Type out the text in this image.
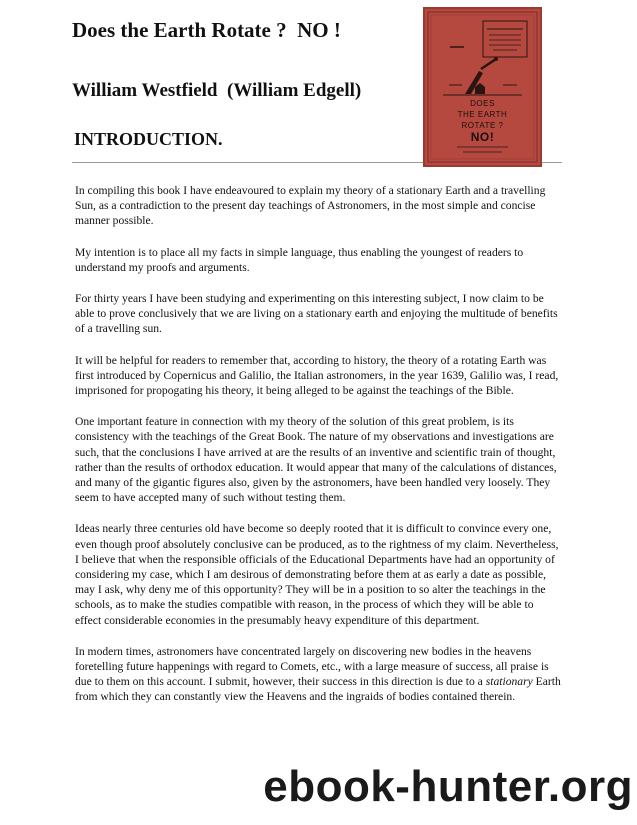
Does the Earth Rotate ?  NO !
William Westfield  (William Edgell)
INTRODUCTION.
DOES
THE EARTH
ROTATE ?
NO!

In compiling this book I have endeavoured to explain my theory of a stationary Earth and a travelling Sun, as a contradiction to the present day teachings of Astronomers, in the most simple and concise manner possible.

My intention is to place all my facts in simple language, thus enabling the youngest of readers to understand my proofs and arguments.

For thirty years I have been studying and experimenting on this interesting subject, I now claim to be able to prove conclusively that we are living on a stationary earth and enjoying the multitude of benefits of a travelling sun.

It will be helpful for readers to remember that, according to history, the theory of a rotating Earth was first introduced by Copernicus and Galilio, the Italian astronomers, in the year 1639, Galilio was, I read, imprisoned for propogating his theory, it being alleged to be against the teachings of the Bible.

One important feature in connection with my theory of the solution of this great problem, is its consistency with the teachings of the Great Book. The nature of my observations and investigations are such, that the conclusions I have arrived at are the results of an inventive and scientific train of thought, rather than the results of orthodox education. It would appear that many of the calculations of distances, and many of the gigantic figures also, given by the astronomers, have been handled very loosely. They seem to have accepted many of such without testing them.

Ideas nearly three centuries old have become so deeply rooted that it is difficult to convince every one, even though proof absolutely conclusive can be produced, as to the rightness of my claim. Nevertheless, I believe that when the responsible officials of the Educational Departments have had an opportunity of considering my case, which I am desirous of demonstrating before them at as early a date as possible, may I ask, why deny me of this opportunity? They will be in a position to so alter the teachings in the schools, as to make the studies compatible with reason, in the process of which they will be able to effect considerable economies in the presumably heavy expenditure of this department.

In modern times, astronomers have concentrated largely on discovering new bodies in the heavens foretelling future happenings with regard to Comets, etc., with a large measure of success, all praise is due to them on this account. I submit, however, their success in this direction is due to a stationary Earth from which they can constantly view the Heavens and the ingraids of bodies contained therein.

ebook-hunter.org
